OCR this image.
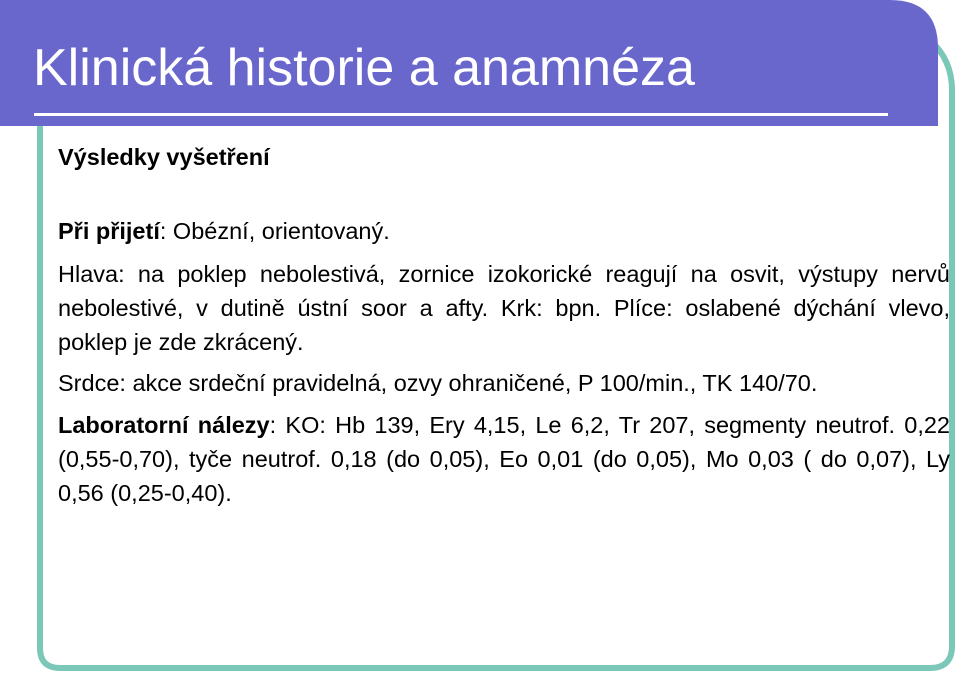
Klinická historie a anamnéza

Výsledky vyšetření

Při přijetí: Obézní, orientovaný.

Hlava: na poklep nebolestivá, zornice izokorické reagují na osvit, výstupy nervů nebolestivé, v dutině ústní soor a afty. Krk: bpn. Plíce: oslabené dýchání vlevo, poklep je zde zkrácený.

Srdce: akce srdeční pravidelná, ozvy ohraničené, P 100/min., TK 140/70.

Laboratorní nálezy: KO: Hb 139, Ery 4,15, Le 6,2, Tr 207, segmenty neutrof. 0,22 (0,55-0,70), tyče neutrof. 0,18 (do 0,05), Eo 0,01 (do 0,05), Mo 0,03 ( do 0,07), Ly 0,56 (0,25-0,40).
